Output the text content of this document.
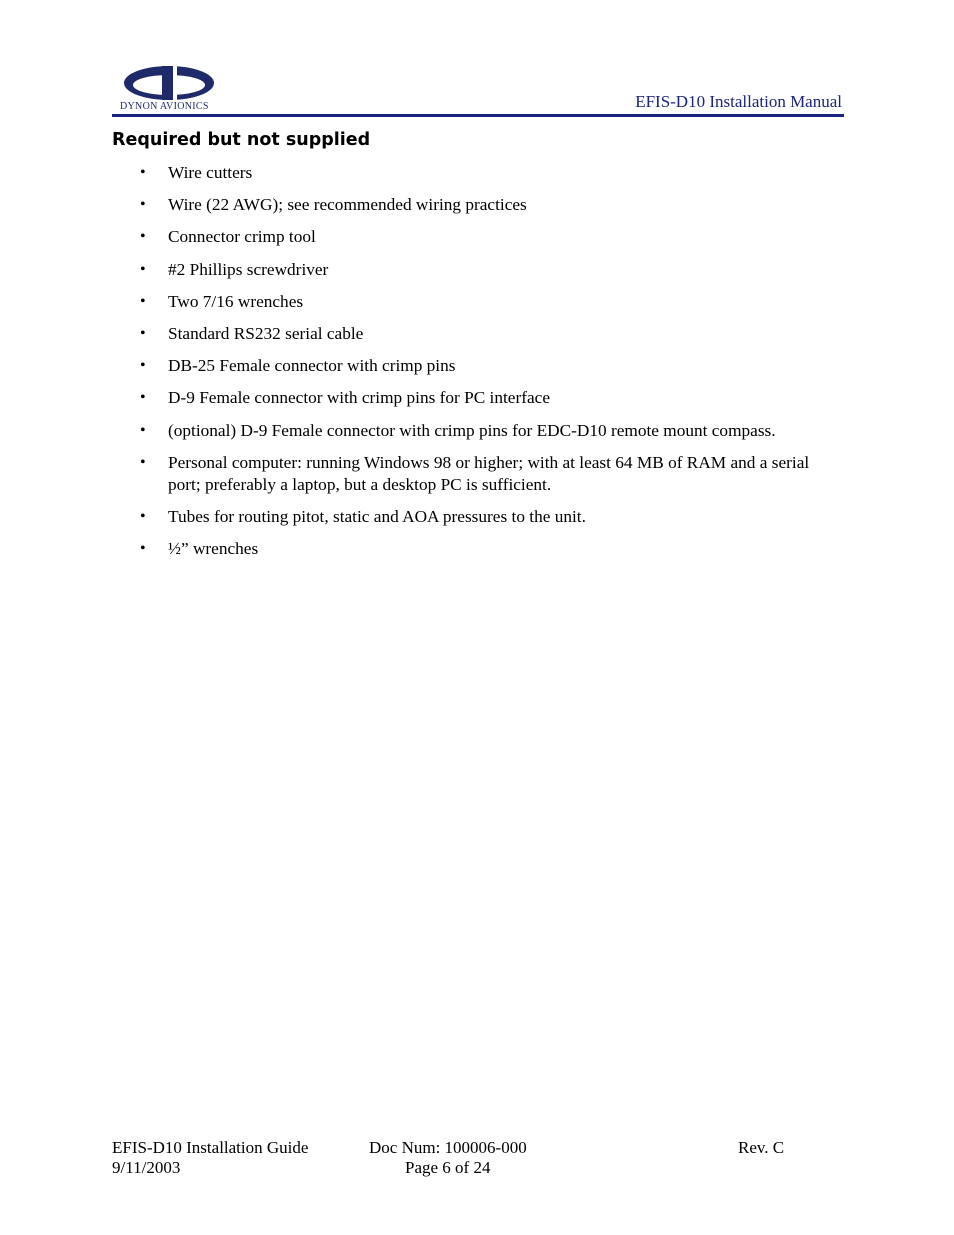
DYNON AVIONICS	EFIS-D10 Installation Manual
Required but not supplied
• Wire cutters
• Wire (22 AWG); see recommended wiring practices
• Connector crimp tool
• #2 Phillips screwdriver
• Two 7/16 wrenches
• Standard RS232 serial cable
• DB-25 Female connector with crimp pins
• D-9 Female connector with crimp pins for PC interface
• (optional) D-9 Female connector with crimp pins for EDC-D10 remote mount compass.
• Personal computer: running Windows 98 or higher; with at least 64 MB of RAM and a serial port; preferably a laptop, but a desktop PC is sufficient.
• Tubes for routing pitot, static and AOA pressures to the unit.
• ½” wrenches
EFIS-D10 Installation Guide
9/11/2003
Doc Num: 100006-000
Page 6 of 24
Rev. C
